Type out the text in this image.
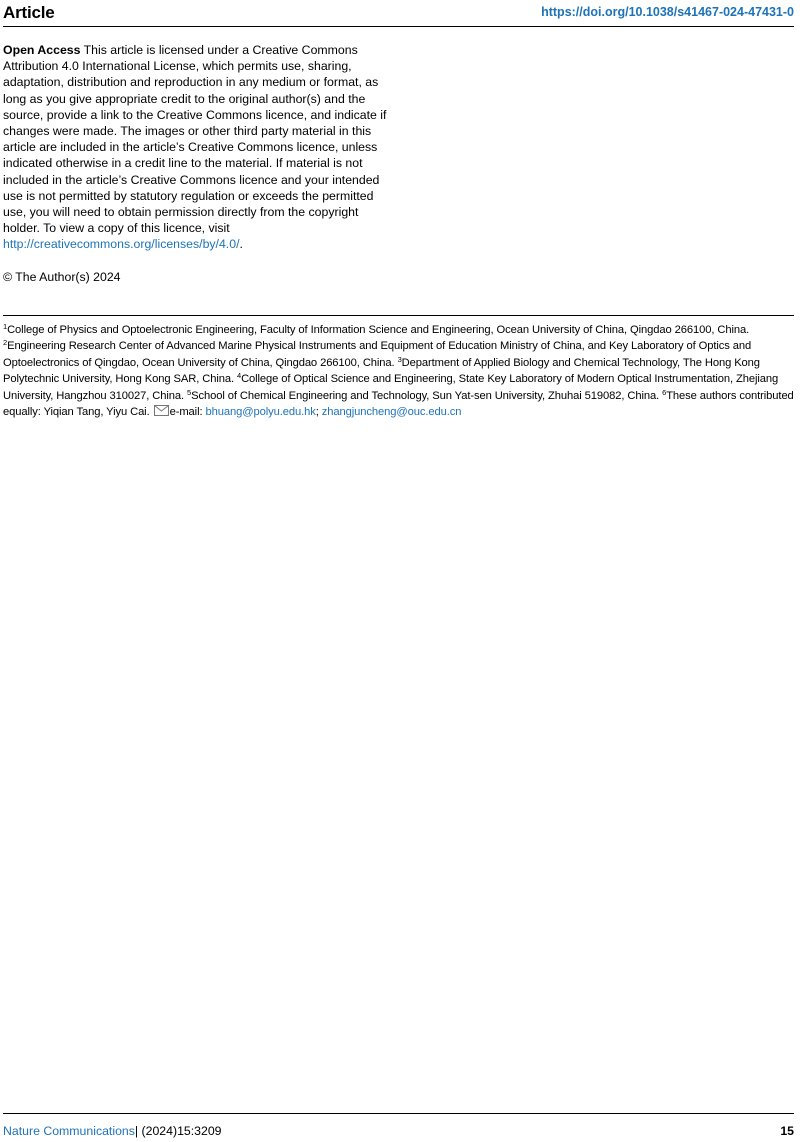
Article	https://doi.org/10.1038/s41467-024-47431-0
Open Access This article is licensed under a Creative Commons Attribution 4.0 International License, which permits use, sharing, adaptation, distribution and reproduction in any medium or format, as long as you give appropriate credit to the original author(s) and the source, provide a link to the Creative Commons licence, and indicate if changes were made. The images or other third party material in this article are included in the article’s Creative Commons licence, unless indicated otherwise in a credit line to the material. If material is not included in the article’s Creative Commons licence and your intended use is not permitted by statutory regulation or exceeds the permitted use, you will need to obtain permission directly from the copyright holder. To view a copy of this licence, visit http://creativecommons.org/licenses/by/4.0/.
© The Author(s) 2024
$^1$College of Physics and Optoelectronic Engineering, Faculty of Information Science and Engineering, Ocean University of China, Qingdao 266100, China. $^2$Engineering Research Center of Advanced Marine Physical Instruments and Equipment of Education Ministry of China, and Key Laboratory of Optics and Optoelectronics of Qingdao, Ocean University of China, Qingdao 266100, China. $^3$Department of Applied Biology and Chemical Technology, The Hong Kong Polytechnic University, Hong Kong SAR, China. $^4$College of Optical Science and Engineering, State Key Laboratory of Modern Optical Instrumentation, Zhejiang University, Hangzhou 310027, China. $^5$School of Chemical Engineering and Technology, Sun Yat-sen University, Zhuhai 519082, China. $^6$These authors contributed equally: Yiqian Tang, Yiyu Cai. e-mail: bhuang@polyu.edu.hk; zhangjuncheng@ouc.edu.cn
Nature Communications| (2024)15:3209	15
